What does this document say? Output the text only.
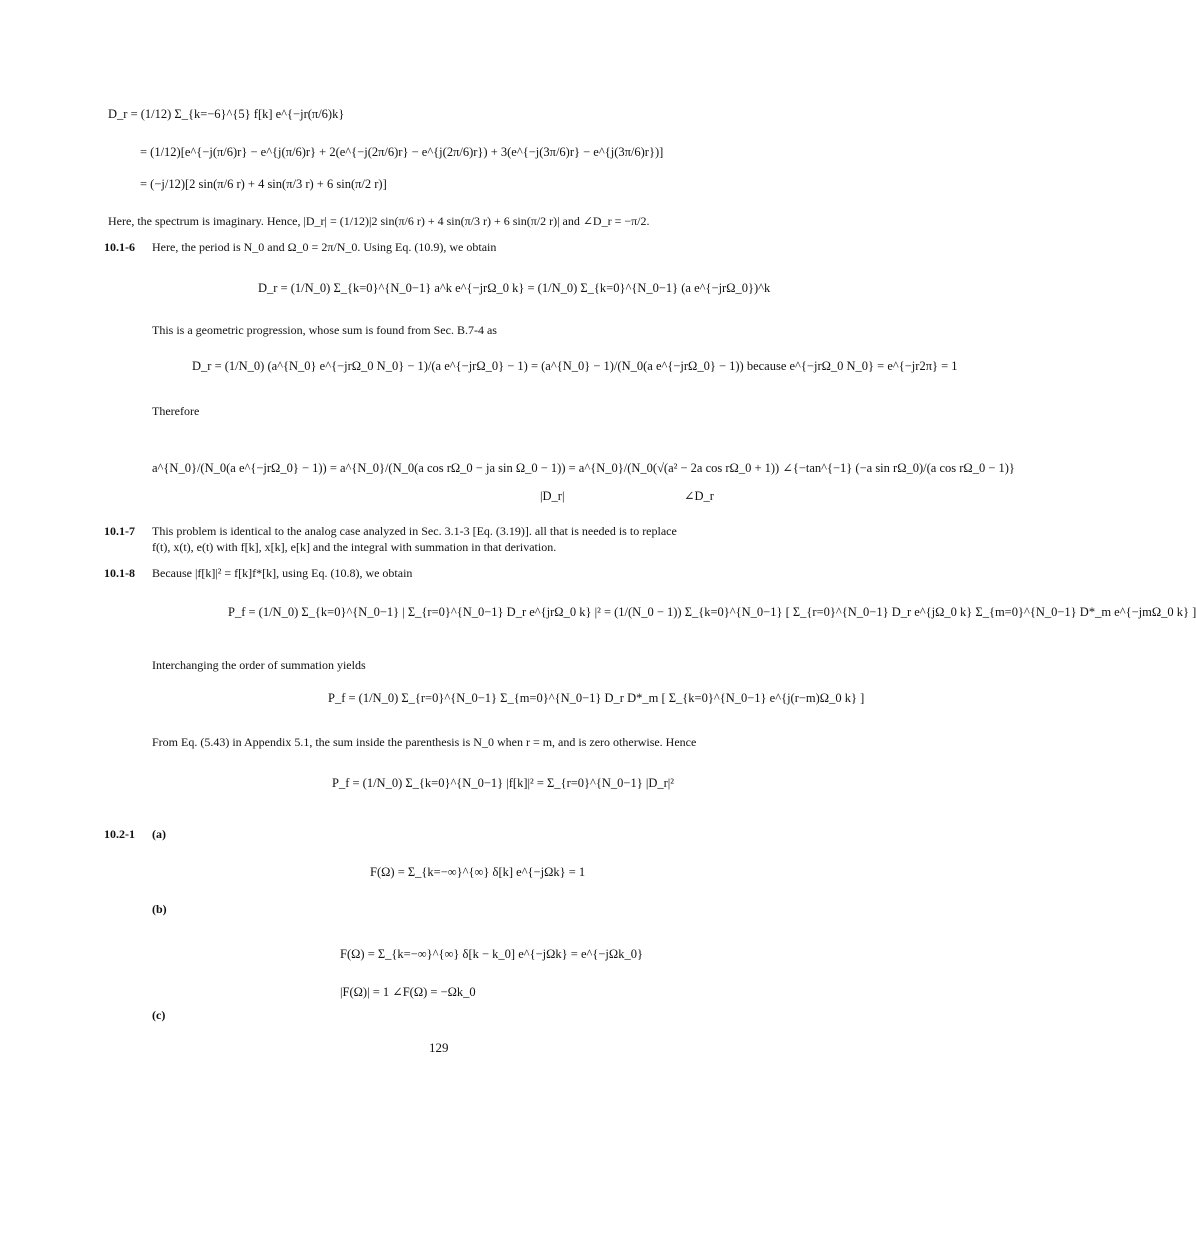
D_r = (1/12) Σ_{k=−6}^{5} f[k] e^{−jr(π/6)k}
= (1/12)[e^{−j(π/6)r} − e^{j(π/6)r} + 2(e^{−j(2π/6)r} − e^{j(2π/6)r}) + 3(e^{−j(3π/6)r} − e^{j(3π/6)r})]
= (−j/12)[2 sin(π/6 r) + 4 sin(π/3 r) + 6 sin(π/2 r)]
Here, the spectrum is imaginary. Hence, |D_r| = (1/12)|2 sin(π/6 r) + 4 sin(π/3 r) + 6 sin(π/2 r)| and ∠D_r = −π/2.
Here, the period is N_0 and Ω_0 = 2π/N_0. Using Eq. (10.9), we obtain
D_r = (1/N_0) Σ_{k=0}^{N_0−1} a^k e^{−jrΩ_0 k} = (1/N_0) Σ_{k=0}^{N_0−1} (a e^{−jrΩ_0})^k
This is a geometric progression, whose sum is found from Sec. B.7-4 as
D_r = (1/N_0) (a^{N_0} e^{−jrΩ_0 N_0} − 1)/(a e^{−jrΩ_0} − 1) = (a^{N_0} − 1)/(N_0(a e^{−jrΩ_0} − 1)) because e^{−jrΩ_0 N_0} = e^{−jr2π} = 1
Therefore
a^{N_0}/(N_0(a e^{−jrΩ_0} − 1)) = a^{N_0}/(N_0(a cos rΩ_0 − ja sin Ω_0 − 1)) = a^{N_0}/(N_0(√(a² − 2a cos rΩ_0 + 1)) ∠{−tan^{−1} (−a sin rΩ_0)/(a cos rΩ_0 − 1)}
|D_r|	∠D_r
This problem is identical to the analog case analyzed in Sec. 3.1-3 [Eq. (3.19)]. all that is needed is to replace
f(t), x(t), e(t) with f[k], x[k], e[k] and the integral with summation in that derivation.
Because |f[k]|² = f[k]f*[k], using Eq. (10.8), we obtain
P_f = (1/N_0) Σ_{k=0}^{N_0−1} | Σ_{r=0}^{N_0−1} D_r e^{jrΩ_0 k} |² = (1/(N_0 − 1)) Σ_{k=0}^{N_0−1} [ Σ_{r=0}^{N_0−1} D_r e^{jΩ_0 k} Σ_{m=0}^{N_0−1} D*_m e^{−jmΩ_0 k} ]
Interchanging the order of summation yields
P_f = (1/N_0) Σ_{r=0}^{N_0−1} Σ_{m=0}^{N_0−1} D_r D*_m [ Σ_{k=0}^{N_0−1} e^{j(r−m)Ω_0 k} ]
From Eq. (5.43) in Appendix 5.1, the sum inside the parenthesis is N_0 when r = m, and is zero otherwise. Hence
P_f = (1/N_0) Σ_{k=0}^{N_0−1} |f[k]|² = Σ_{r=0}^{N_0−1} |D_r|²
F(Ω) = Σ_{k=−∞}^{∞} δ[k] e^{−jΩk} = 1
F(Ω) = Σ_{k=−∞}^{∞} δ[k − k_0] e^{−jΩk} = e^{−jΩk_0}
|F(Ω)| = 1 ∠F(Ω) = −Ωk_0
10.1-6
10.1-7
10.1-8
10.2-1 (a)
(b)
(c)
129
